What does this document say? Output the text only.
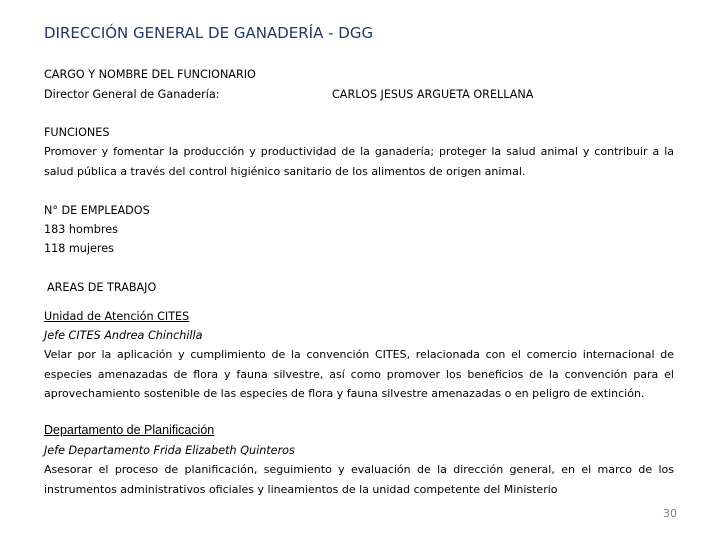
DIRECCIÓN GENERAL DE GANADERÍA - DGG
CARGO Y NOMBRE DEL FUNCIONARIO
Director General de Ganadería:	CARLOS JESUS ARGUETA ORELLANA
FUNCIONES
Promover y fomentar la producción y productividad de la ganadería; proteger la salud animal y contribuir a la salud pública a través del control higiénico sanitario de los alimentos de origen animal.
N° DE EMPLEADOS
183 hombres
118 mujeres
AREAS DE TRABAJO
Unidad de Atención CITES
Jefe CITES Andrea Chinchilla
Velar por la aplicación y cumplimiento de la convención CITES, relacionada con el comercio internacional de especies amenazadas de flora y fauna silvestre, así como promover los beneficios de la convención para el aprovechamiento sostenible de las especies de flora y fauna silvestre amenazadas o en peligro de extinción.
Departamento de Planificación
Jefe Departamento Frida Elizabeth Quinteros
Asesorar el proceso de planificación, seguimiento y evaluación de la dirección general, en el marco de los instrumentos administrativos oficiales y lineamientos de la unidad competente del Ministerio
30
